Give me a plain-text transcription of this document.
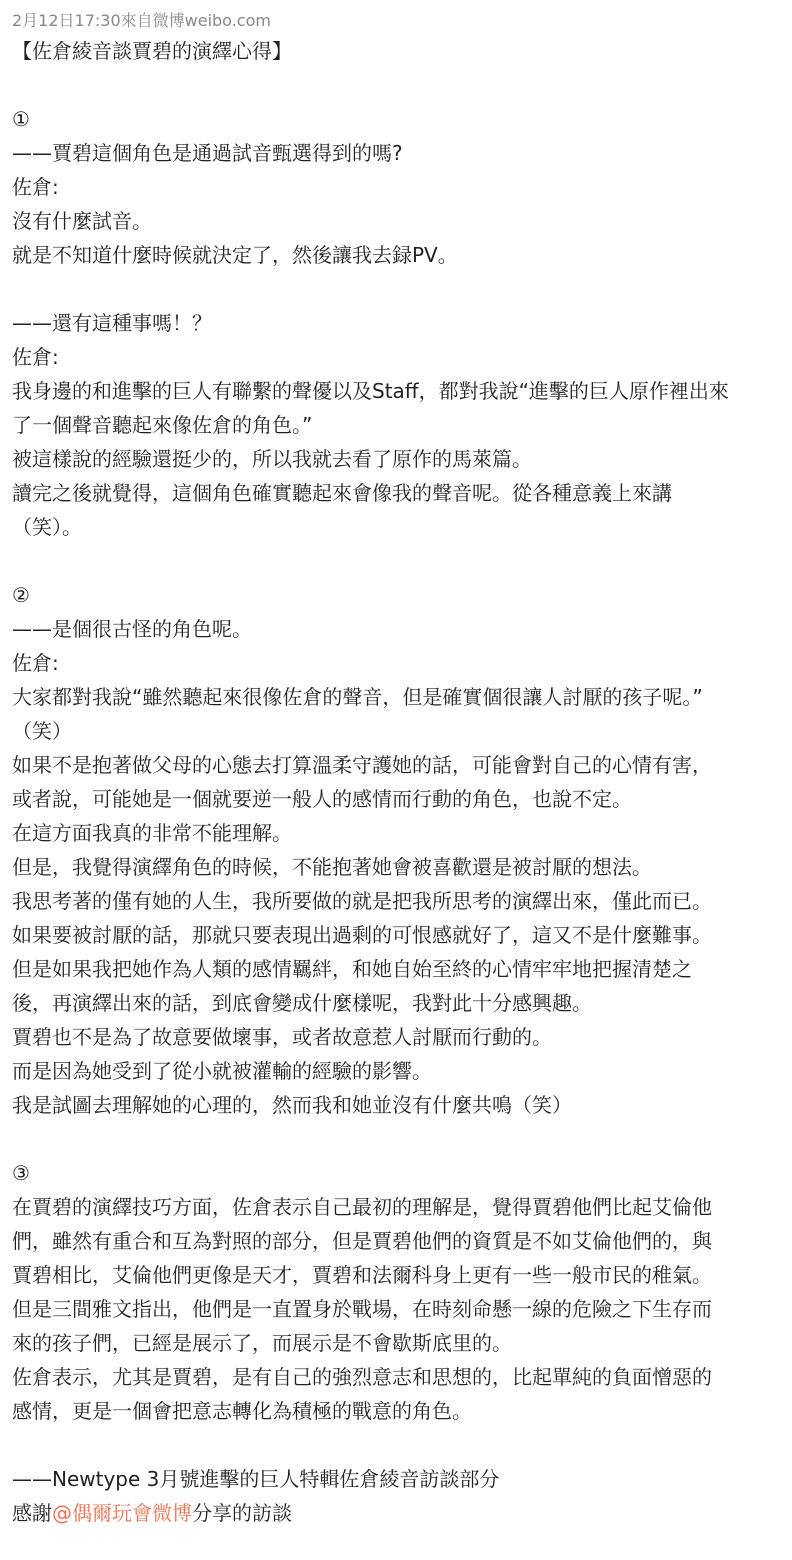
2月12日17:30來自微博weibo.com
【佐倉綾音談賈碧的演繹心得】
①
——賈碧這個角色是通過試音甄選得到的嗎?
佐倉:
沒有什麼試音。
就是不知道什麼時候就決定了，然後讓我去録PV。
——還有這種事嗎！？
佐倉:
我身邊的和進擊的巨人有聯繫的聲優以及Staff，都對我說“進擊的巨人原作裡出來
了一個聲音聽起來像佐倉的角色。”
被這樣說的經驗還挺少的，所以我就去看了原作的馬萊篇。
讀完之後就覺得，這個角色確實聽起來會像我的聲音呢。從各種意義上來講
（笑）。
②
——是個很古怪的角色呢。
佐倉:
大家都對我說“雖然聽起來很像佐倉的聲音，但是確實個很讓人討厭的孩子呢。”
（笑）
如果不是抱著做父母的心態去打算溫柔守護她的話，可能會對自己的心情有害，
或者說，可能她是一個就要逆一般人的感情而行動的角色，也說不定。
在這方面我真的非常不能理解。
但是，我覺得演繹角色的時候，不能抱著她會被喜歡還是被討厭的想法。
我思考著的僅有她的人生，我所要做的就是把我所思考的演繹出來，僅此而已。
如果要被討厭的話，那就只要表現出過剩的可恨感就好了，這又不是什麼難事。
但是如果我把她作為人類的感情羈絆，和她自始至終的心情牢牢地把握清楚之
後，再演繹出來的話，到底會變成什麼樣呢，我對此十分感興趣。
賈碧也不是為了故意要做壞事，或者故意惹人討厭而行動的。
而是因為她受到了從小就被灌輸的經驗的影響。
我是試圖去理解她的心理的，然而我和她並沒有什麼共鳴（笑）
③
在賈碧的演繹技巧方面，佐倉表示自己最初的理解是，覺得賈碧他們比起艾倫他
們，雖然有重合和互為對照的部分，但是賈碧他們的資質是不如艾倫他們的，與
賈碧相比，艾倫他們更像是天才，賈碧和法爾科身上更有一些一般市民的稚氣。
但是三間雅文指出，他們是一直置身於戰場，在時刻命懸一線的危險之下生存而
來的孩子們，已經是展示了，而展示是不會歇斯底里的。
佐倉表示，尤其是賈碧，是有自己的強烈意志和思想的，比起單純的負面憎惡的
感情，更是一個會把意志轉化為積極的戰意的角色。
——Newtype 3月號進擊的巨人特輯佐倉綾音訪談部分
感謝@偶爾玩會微博分享的訪談
